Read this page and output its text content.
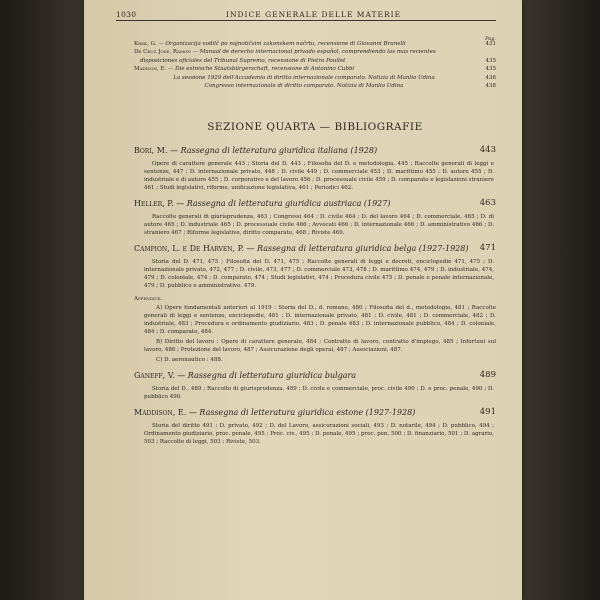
1030	INDICE GENERALE DELLE MATERIE
Pag.
Krek, G. — Organizacija vodilč po najnotičsim zakonskem načrtu, recensione di Giovanni Brunelli	431
De Cruz José, Ramon — Manual de derecho internacional privado español, comprendiendo las mas recientes disposiciones oficiales del Tribunal Supremo, recensione di Pietro Poullet	435
Madison, E. — Die estnische Staatsbürgerschaft, recensione di Antonino Cubbi	435
La sessione 1929 dell'Accademia di diritto internazionale comparato. Notizia di Manlio Udina	436
Congresso internazionale di diritto comparato. Notizia di Manlio Udina	438
SEZIONE QUARTA — BIBLIOGRAFIE
Bori, M. — Rassegna di letteratura giuridica italiana (1928)	443
Opere di carattere generale 443 ; Storia del D. 443 ; Filosofia del D. e metodologia, 445 ; Raccolte generali di leggi e sentenze, 447 ; D. internazionale privato, 448 ; D. civile 449 ; D. commerciale 453 ; D. marittimo 455 ; D. autore 455 ; D. industriale e di autore 455 ; D. corporativo e del lavoro 456 ; D. processuale civile 459 ; D. comparato e legislazioni straniere 461 ; Studi legislativi, riforme, unificazione legislativa, 461 ; Periodici 462.
Heller, P. — Rassegna di letteratura giuridica austriaca (1927)	463
Raccolte generali di giurisprudenza, 463 ; Congressi 464 ; D. civile 464 ; D. del lavoro 464 ; D. commerciale, 465 ; D. di autore 465 ; D. industriale 465 ; D. processuale civile 466 ; Avvocati 466 ; D. internazionale 466 ; D. amministrativo 466 ; D. straniero 467 ; Riforme legislative, diritto comparato, 468 ; Riviste 469.
Campion, L. e De Harven, P. — Rassegna di letteratura giuridica belga (1927-1928) 471
Storia del D. 471, 475 ; Filosofia del D. 471, 475 ; Raccolte generali di leggi e decreti, enciclopedie 471, 475 ; D. internazionale privato, 472, 477 ; D. civile, 473, 477 ; D. commerciale 473, 478 ; D. marittimo 474, 479 ; D. industriale, 474, 479 ; D. coloniale, 474 ; D. comparato, 474 ; Studi legislativi, 474 ; Procedura civile 475 ; D. penale e penale internazionale, 479 ; D. pubblico e amministrativo. 479.
Appendice.
A) Opere fondamentali anteriori al 1919 : Storia del D., d. romano, 480 ; Filosofia del d., metodologia, 481 ; Raccolte generali di leggi e sentenze, enciclopedie, 481 ; D. internazionale privato, 481 ; D. civile, 481 ; D. commerciale, 482 ; D. industriale, 483 ; Procedura e ordinamento giudiziario, 483 ; D. penale 483 ; D. internazionale pubblico, 484 ; D. coloniale, 484 ; D. comparato, 484.
B) Diritto del lavoro : Opere di carattere generale, 484 ; Contratto di lavoro, contratto d'impiego, 485 ; Infortuni sul lavoro, 486 ; Protezione del lavoro, 487 ; Assicurazione degli operai, 487 ; Associazioni, 487.
C) D. aeronautico : 488.
Ganeff, V. — Rassegna di letteratura giuridica bulgara	489
Storia del D., 489 ; Raccolte di giurisprudenza, 489 ; D. civile e commerciale, proc. civile 490 ; D. e proc. penale, 490 ; D. pubblico 490.
Maddison, E. — Rassegna di letteratura giuridica estone (1927-1928)	491
Storia del diritto 491 ; D. privato, 492 ; D. del Lavoro, assicurazioni sociali, 493 ; D. notarile, 494 ; D. pubblico, 494 ; Ordinamento giudiziario, proc. penale, 495 ; Proc. civ., 495 ; D. penale, 495 ; proc. pen. 500 ; D. finanziario, 501 ; D. agrario, 503 ; Raccolte di leggi, 503 ; Riviste, 503.
